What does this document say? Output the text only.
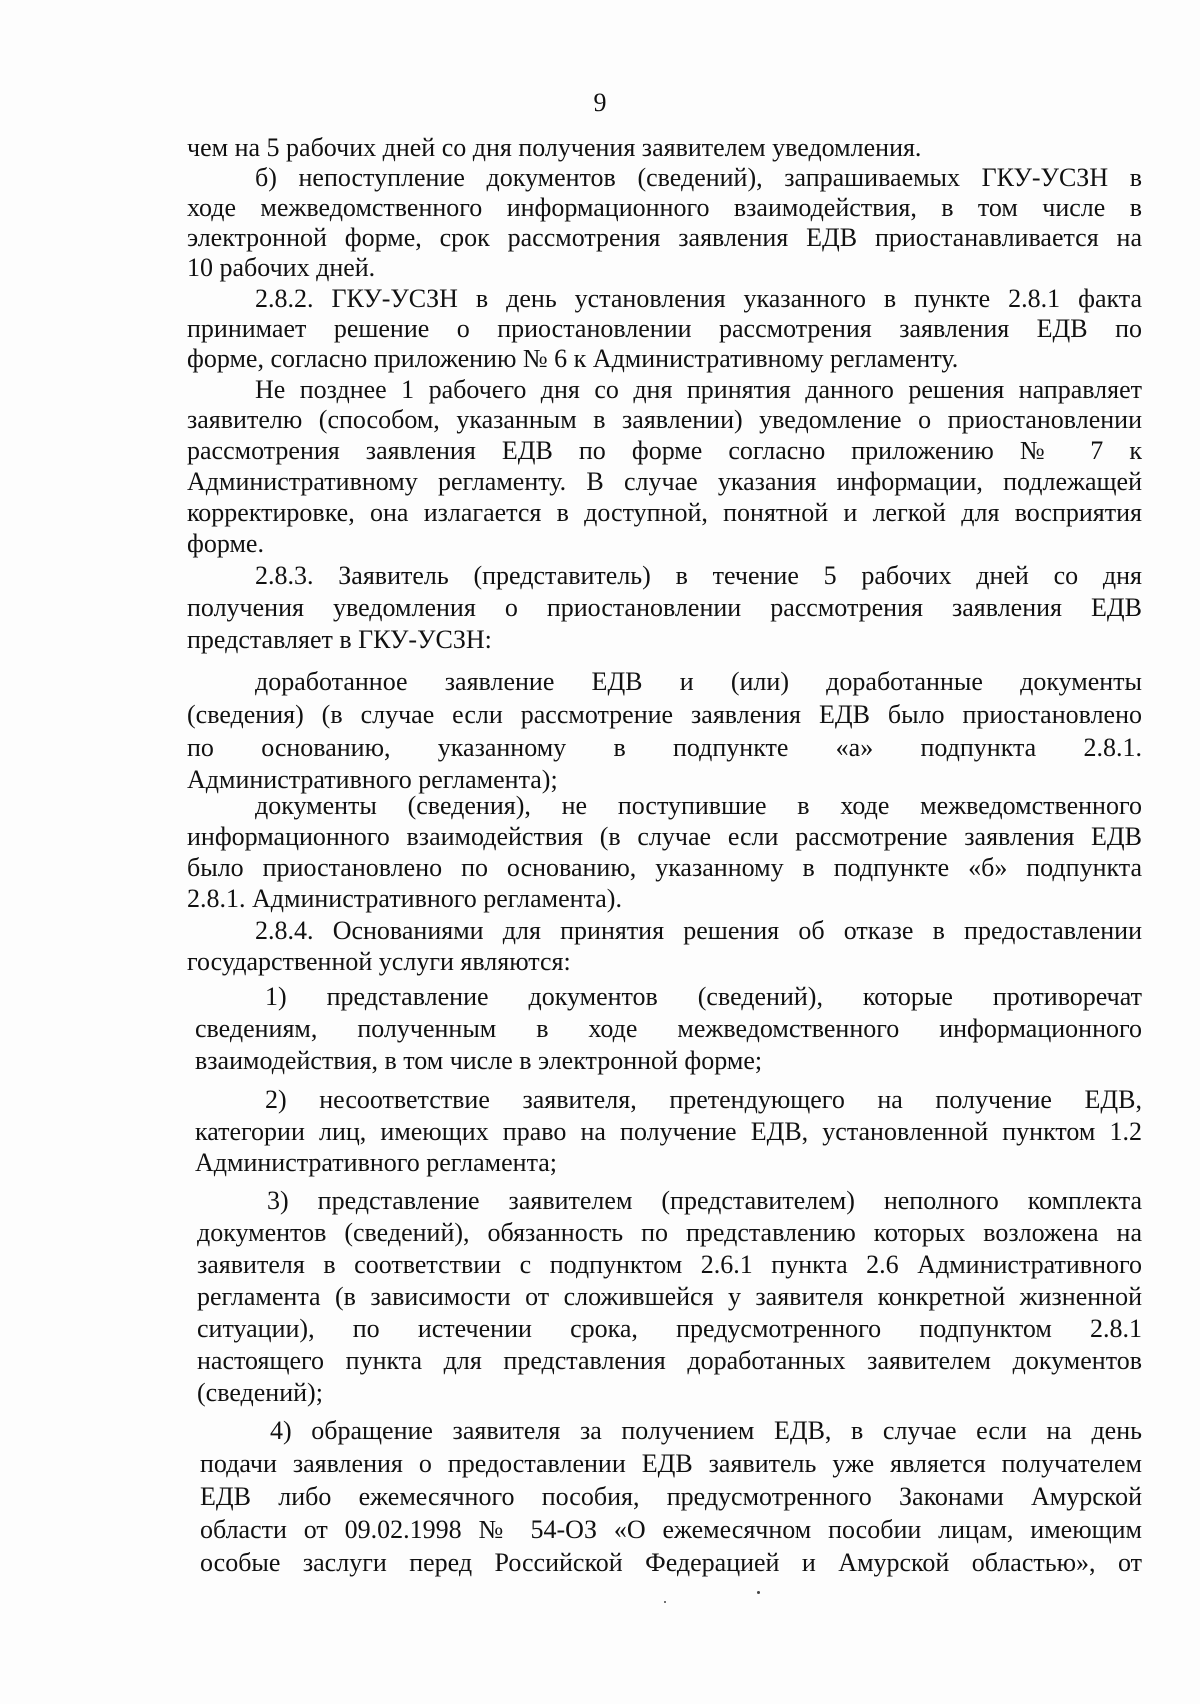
9
чем на 5 рабочих дней со дня получения заявителем уведомления.
б) непоступление документов (сведений), запрашиваемых ГКУ-УСЗН в
ходе межведомственного информационного взаимодействия, в том числе в
электронной форме, срок рассмотрения заявления ЕДВ приостанавливается на
10 рабочих дней.
2.8.2. ГКУ-УСЗН в день установления указанного в пункте 2.8.1 факта
принимает решение о приостановлении рассмотрения заявления ЕДВ по
форме, согласно приложению № 6 к Административному регламенту.
Не позднее 1 рабочего дня со дня принятия данного решения направляет
заявителю (способом, указанным в заявлении) уведомление о приостановлении
рассмотрения заявления ЕДВ по форме согласно приложению № 7 к
Административному регламенту. В случае указания информации, подлежащей
корректировке, она излагается в доступной, понятной и легкой для восприятия
форме.
2.8.3. Заявитель (представитель) в течение 5 рабочих дней со дня
получения уведомления о приостановлении рассмотрения заявления ЕДВ
представляет в ГКУ-УСЗН:
доработанное заявление ЕДВ и (или) доработанные документы
(сведения) (в случае если рассмотрение заявления ЕДВ было приостановлено
по основанию, указанному в подпункте «а» подпункта 2.8.1.
Административного регламента);
документы (сведения), не поступившие в ходе межведомственного
информационного взаимодействия (в случае если рассмотрение заявления ЕДВ
было приостановлено по основанию, указанному в подпункте «б» подпункта
2.8.1. Административного регламента).
2.8.4. Основаниями для принятия решения об отказе в предоставлении
государственной услуги являются:
1) представление документов (сведений), которые противоречат
сведениям, полученным в ходе межведомственного информационного
взаимодействия, в том числе в электронной форме;
2) несоответствие заявителя, претендующего на получение ЕДВ,
категории лиц, имеющих право на получение ЕДВ, установленной пунктом 1.2
Административного регламента;
3) представление заявителем (представителем) неполного комплекта
документов (сведений), обязанность по представлению которых возложена на
заявителя в соответствии с подпунктом 2.6.1 пункта 2.6 Административного
регламента (в зависимости от сложившейся у заявителя конкретной жизненной
ситуации), по истечении срока, предусмотренного подпунктом 2.8.1
настоящего пункта для представления доработанных заявителем документов
(сведений);
4) обращение заявителя за получением ЕДВ, в случае если на день
подачи заявления о предоставлении ЕДВ заявитель уже является получателем
ЕДВ либо ежемесячного пособия, предусмотренного Законами Амурской
области от 09.02.1998 № 54-ОЗ «О ежемесячном пособии лицам, имеющим
особые заслуги перед Российской Федерацией и Амурской областью», от
